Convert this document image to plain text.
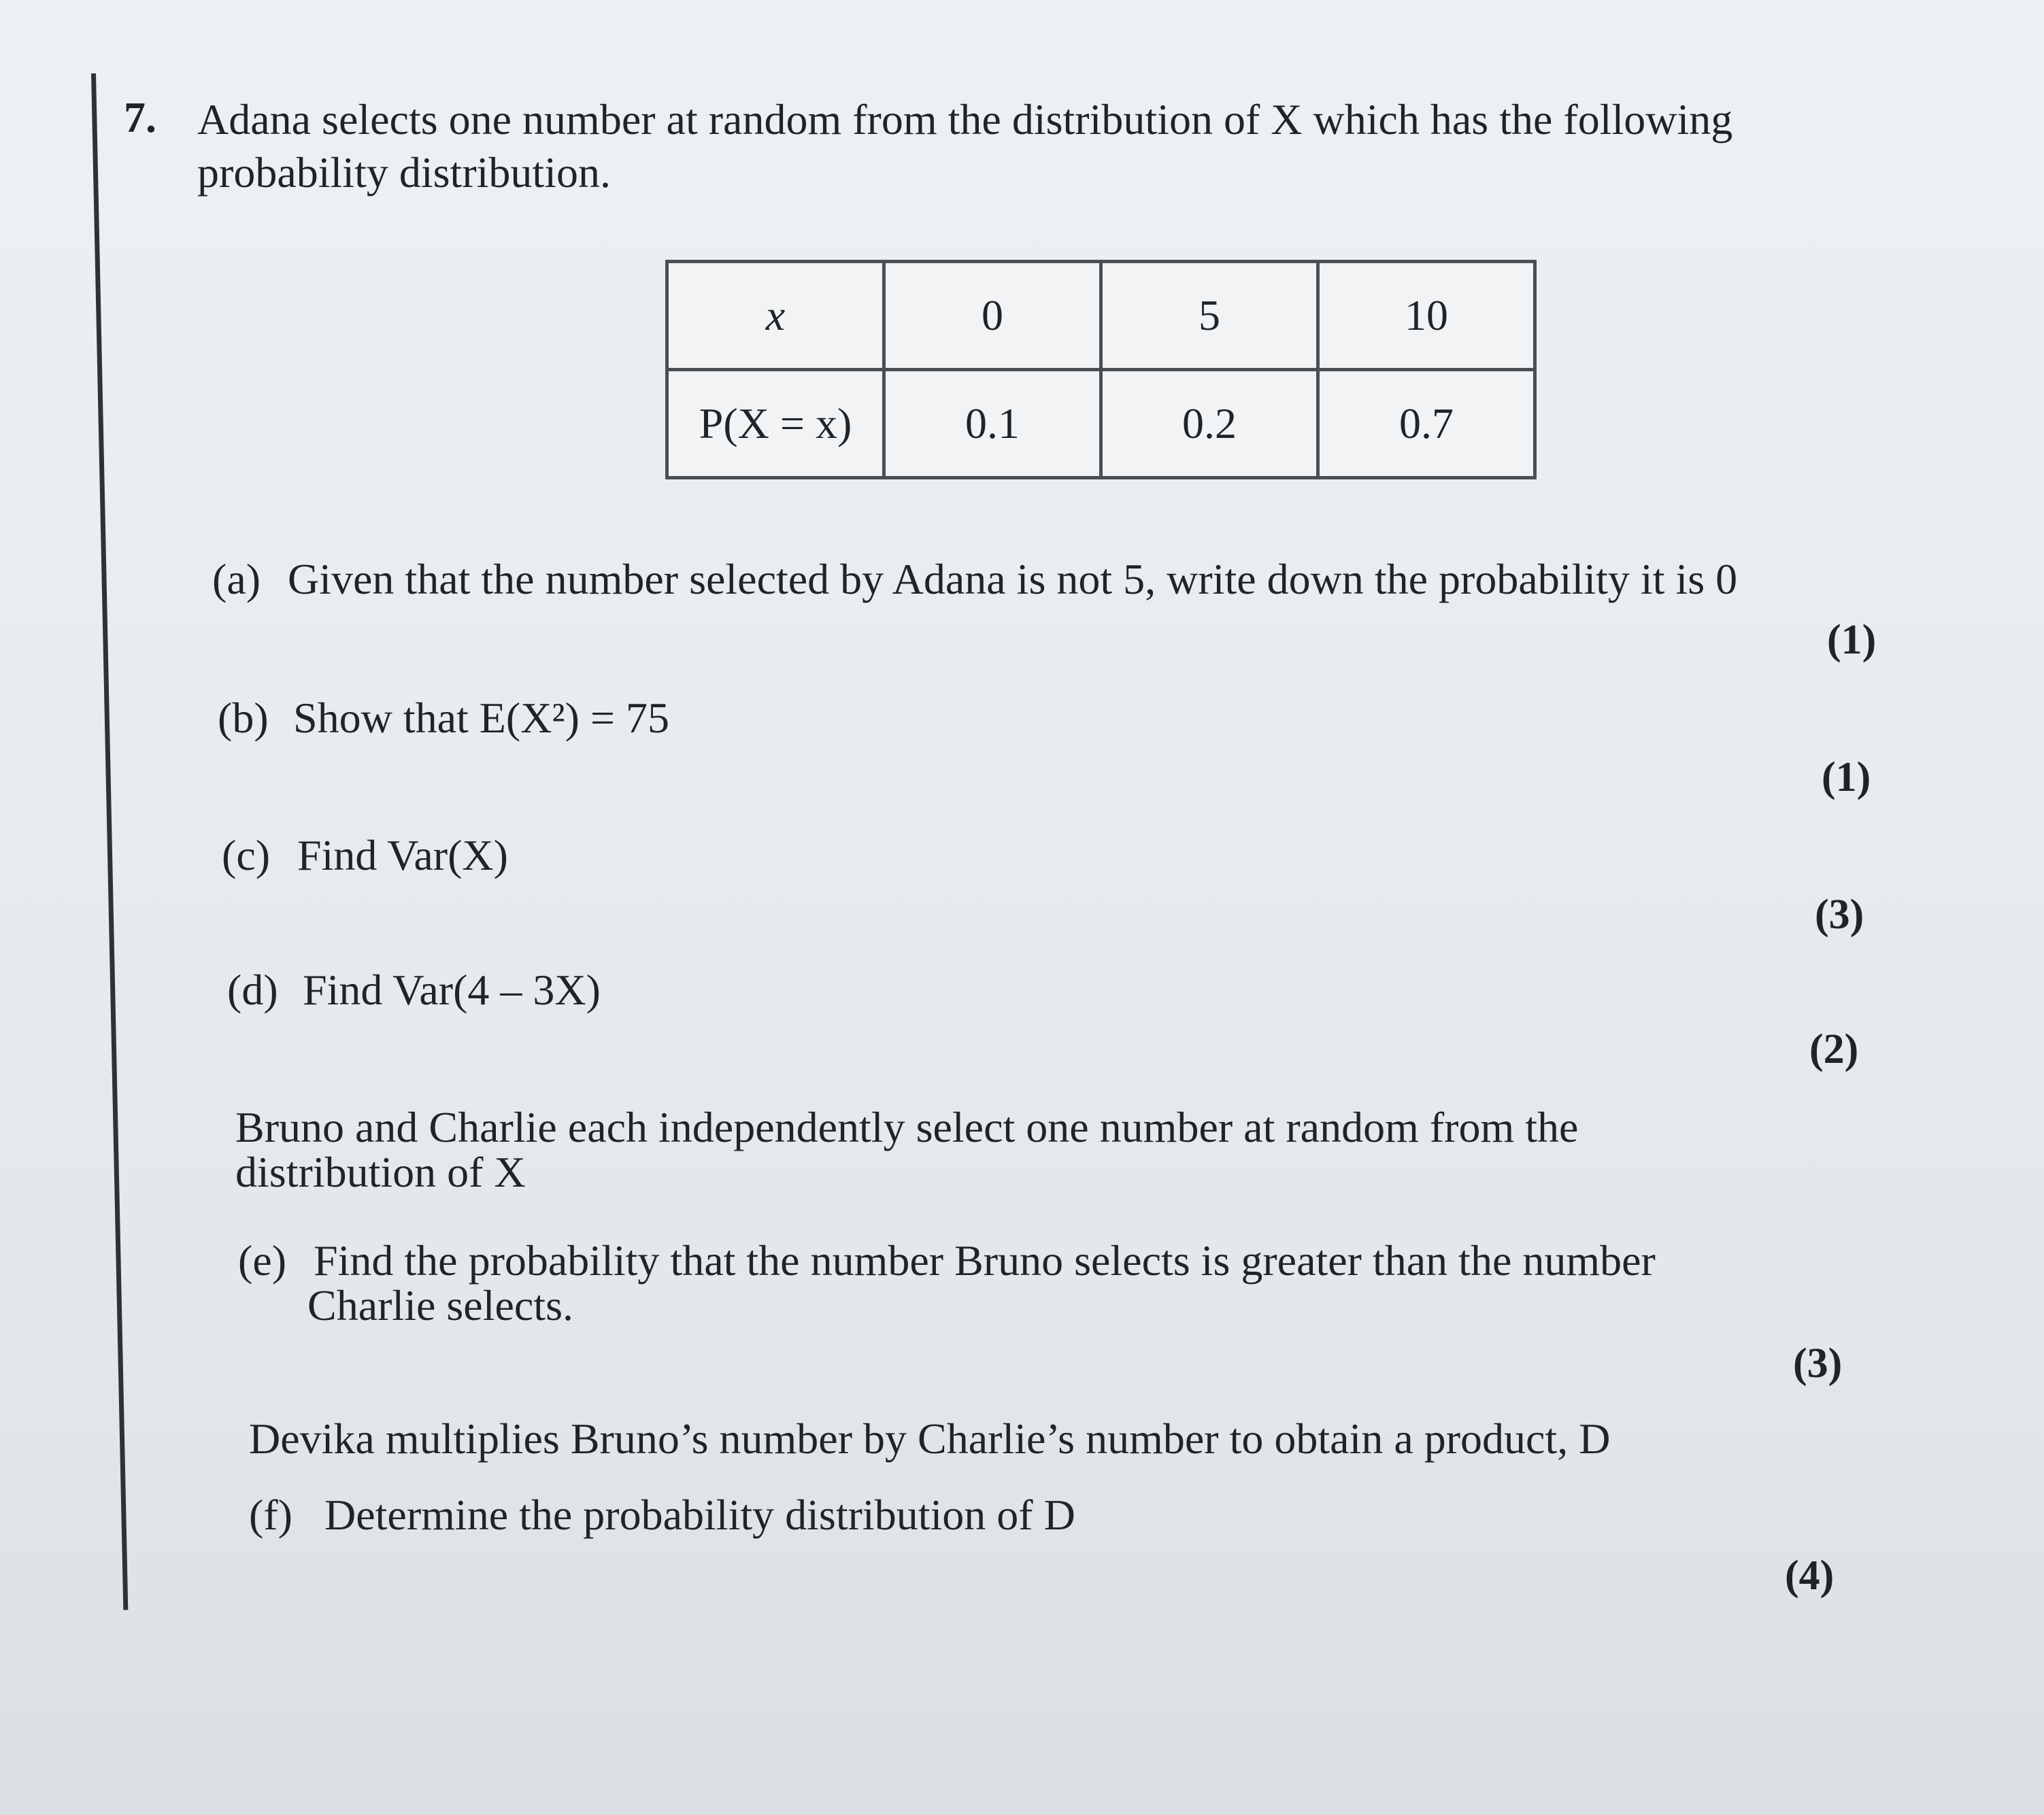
7. Adana selects one number at random from the distribution of X which has the following
probability distribution.
x	0	5	10
P(X = x)	0.1	0.2	0.7
(a) Given that the number selected by Adana is not 5, write down the probability it is 0
(1)
(b) Show that E(X²) = 75
(1)
(c) Find Var(X)
(3)
(d) Find Var(4 – 3X)
(2)
Bruno and Charlie each independently select one number at random from the
distribution of X
(e) Find the probability that the number Bruno selects is greater than the number
Charlie selects.
(3)
Devika multiplies Bruno’s number by Charlie’s number to obtain a product, D
(f) Determine the probability distribution of D
(4)
